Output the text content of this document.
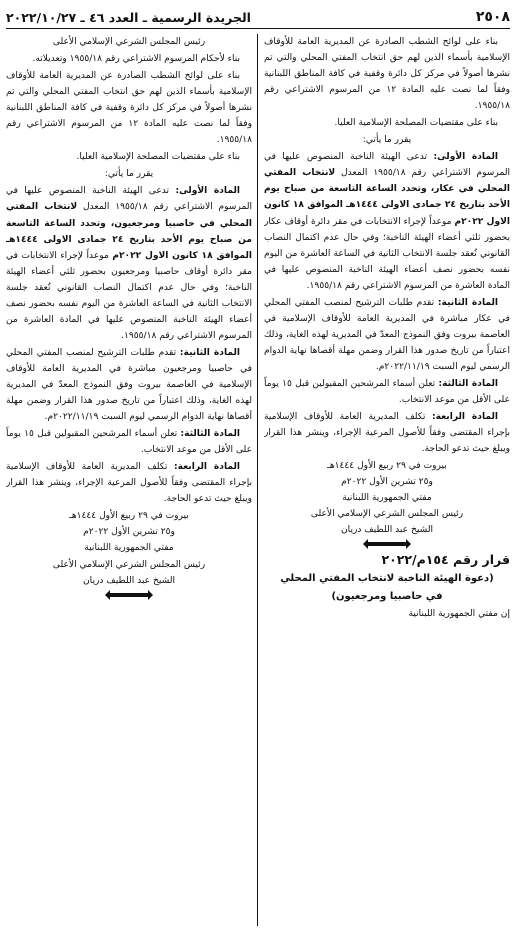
٢٥٠٨
الجريدة الرسمية ـ العدد ٤٦ ـ ٢٠٢٢/١٠/٢٧

بناء على لوائح الشطب الصادرة عن المديرية العامة للأوقاف الإسلامية بأسماء الذين لهم حق انتخاب المفتي المحلي والتي تم نشرها أصولاً في مركز كل دائرة وقفية في كافة المناطق اللبنانية وفقاً لما نصت عليه المادة ١٢ من المرسوم الاشتراعي رقم ١٩٥٥/١٨.

بناء على مقتضيات المصلحة الإسلامية العليا.

يقرر ما يأتي:

المادة الأولى: تدعى الهيئة الناخبة المنصوص عليها في المرسوم الاشتراعي رقم ١٩٥٥/١٨ المعدل لانتخاب المفتي المحلي في عكار، وتحدد الساعة التاسعة من صباح يوم الأحد بتاريخ ٢٤ جمادى الاولى ١٤٤٤هـ الموافق ١٨ كانون الاول ٢٠٢٢م موعداً لإجراء الانتخابات في مقر دائرة أوقاف عكار بحضور ثلثي أعضاء الهيئة الناخبة؛ وفي حال عدم اكتمال النصاب القانوني تُعقد جلسة الانتخاب الثانية في الساعة العاشرة من اليوم نفسه بحضور نصف أعضاء الهيئة الناخبة المنصوص عليها في المادة العاشرة من المرسوم الاشتراعي رقم ١٩٥٥/١٨.

المادة الثانية: تقدم طلبات الترشيح لمنصب المفتي المحلي في عكار مباشرة في المديرية العامة للأوقاف الإسلامية في العاصمة بيروت وفق النموذج المعدّ في المديرية لهذه الغاية، وذلك اعتباراً من تاريخ صدور هذا القرار وضمن مهلة أقصاها نهاية الدوام الرسمي ليوم السبت ٢٠٢٢/١١/١٩م.

المادة الثالثة: تعلن أسماء المرشحين المقبولين قبل ١٥ يوماً على الأقل من موعد الانتخاب.

المادة الرابعة: تكلف المديرية العامة للأوقاف الإسلامية بإجراء المقتضى وفقاً للأصول المرعية الإجراء، وينشر هذا القرار ويبلغ حيث تدعو الحاجة.

بيروت في ٢٩ ربيع الأول ١٤٤٤هـ

و٢٥ تشرين الأول ٢٠٢٢م

مفتي الجمهورية اللبنانية

رئيس المجلس الشرعي الإسلامي الأعلى

الشيخ عبد اللطيف دريان

قرار رقم ١٥٤م/٢٠٢٢

(دعوة الهيئة الناخبة لانتخاب المفتي المحلي

في حاصبيا ومرجعيون)

إن مفتي الجمهورية اللبنانية

رئيس المجلس الشرعي الإسلامي الأعلى

بناء لأحكام المرسوم الاشتراعي رقم ١٩٥٥/١٨ وتعديلاته.

بناء على لوائح الشطب الصادرة عن المديرية العامة للأوقاف الإسلامية بأسماء الذين لهم حق انتخاب المفتي المحلي والتي تم نشرها أصولاً في مركز كل دائرة وقفية في كافة المناطق اللبنانية وفقاً لما نصت عليه المادة ١٢ من المرسوم الاشتراعي رقم ١٩٥٥/١٨.

بناء على مقتضيات المصلحة الإسلامية العليا.

يقرر ما يأتي:

المادة الأولى: تدعى الهيئة الناخبة المنصوص عليها في المرسوم الاشتراعي رقم ١٩٥٥/١٨ المعدل لانتخاب المفتي المحلي في حاصبيا ومرجعيون، وتحدد الساعة التاسعة من صباح يوم الأحد بتاريخ ٢٤ جمادى الاولى ١٤٤٤هـ الموافق ١٨ كانون الاول ٢٠٢٢م موعداً لإجراء الانتخابات في مقر دائرة أوقاف حاصبيا ومرجعيون بحضور ثلثي أعضاء الهيئة الناخبة؛ وفي حال عدم اكتمال النصاب القانوني تُعقد جلسة الانتخاب الثانية في الساعة العاشرة من اليوم نفسه بحضور نصف أعضاء الهيئة الناخبة المنصوص عليها في المادة العاشرة من المرسوم الاشتراعي رقم ١٩٥٥/١٨.

المادة الثانية: تقدم طلبات الترشيح لمنصب المفتي المحلي في حاصبيا ومرجعيون مباشرة في المديرية العامة للأوقاف الإسلامية في العاصمة بيروت وفق النموذج المعدّ في المديرية لهذه الغاية، وذلك اعتباراً من تاريخ صدور هذا القرار وضمن مهلة أقصاها نهاية الدوام الرسمي ليوم السبت ٢٠٢٢/١١/١٩م.

المادة الثالثة: تعلن أسماء المرشحين المقبولين قبل ١٥ يوماً على الأقل من موعد الانتخاب.

المادة الرابعة: تكلف المديرية العامة للأوقاف الإسلامية بإجراء المقتضى وفقاً للأصول المرعية الإجراء، وينشر هذا القرار ويبلغ حيث تدعو الحاجة.

بيروت في ٢٩ ربيع الأول ١٤٤٤هـ

و٢٥ تشرين الأول ٢٠٢٢م

مفتي الجمهورية اللبنانية

رئيس المجلس الشرعي الإسلامي الأعلى

الشيخ عبد اللطيف دريان
